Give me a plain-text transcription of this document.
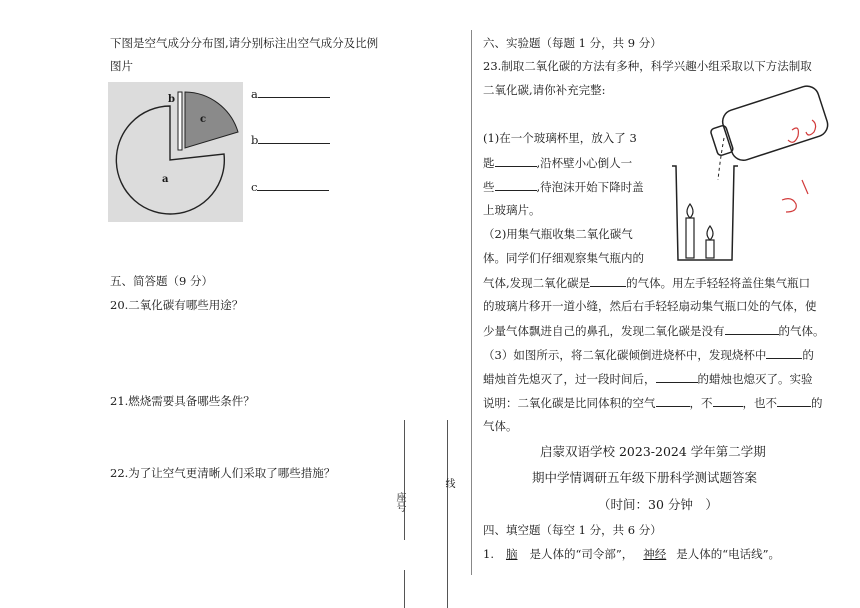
下图是空气成分分布图,请分别标注出空气成分及比例
图片
b
c
a
a
b
c
五、简答题（9 分）
20.二氧化碳有哪些用途？
21.燃烧需要具备哪些条件？
22.为了让空气更清晰人们采取了哪些措施？
座号
线
六、实验题（每题 1 分，共 9 分）
23.制取二氧化碳的方法有多种，科学兴趣小组采取以下方法制取
二氧化碳,请你补充完整:
(1)在一个玻璃杯里，放入了 3
匙	,沿杯壁小心倒人一
些	,待泡沫开始下降时盖
上玻璃片。
（2)用集气瓶收集二氧化碳气
体。同学们仔细观察集气瓶内的
气体,发现二氧化碳是	的气体。用左手轻轻将盖住集气瓶口
的玻璃片移开一道小缝，然后右手轻轻扇动集气瓶口处的气体，使
少量气体飘进自己的鼻孔，发现二氧化碳是没有	的气体。
（3）如图所示，将二氧化碳倾倒进烧杯中，发现烧杯中	的
蜡烛首先熄灭了，过一段时间后，	的蜡烛也熄灭了。实验
说明：二氧化碳是比同体积的空气	，不	，也不	的
气体。
启蒙双语学校 2023-2024 学年第二学期
期中学情调研五年级下册科学测试题答案
（时间：30 分钟　）
四、填空题（每空 1 分，共 6 分）
1. 脑 是人体的“司令部”， 神经 是人体的“电话线”。
